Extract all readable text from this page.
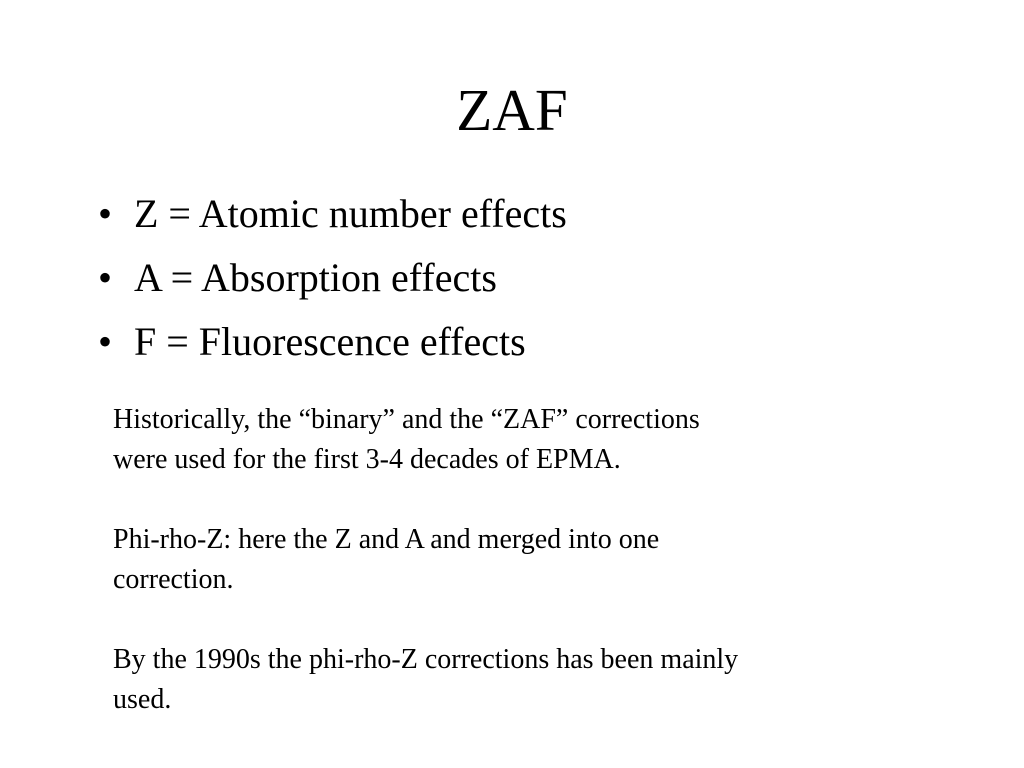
ZAF
• Z = Atomic number effects
• A = Absorption effects
• F = Fluorescence effects

Historically, the “binary” and the “ZAF” corrections
were used for the first 3-4 decades of EPMA.

Phi-rho-Z: here the Z and A and merged into one
correction.

By the 1990s the phi-rho-Z corrections has been mainly
used.
